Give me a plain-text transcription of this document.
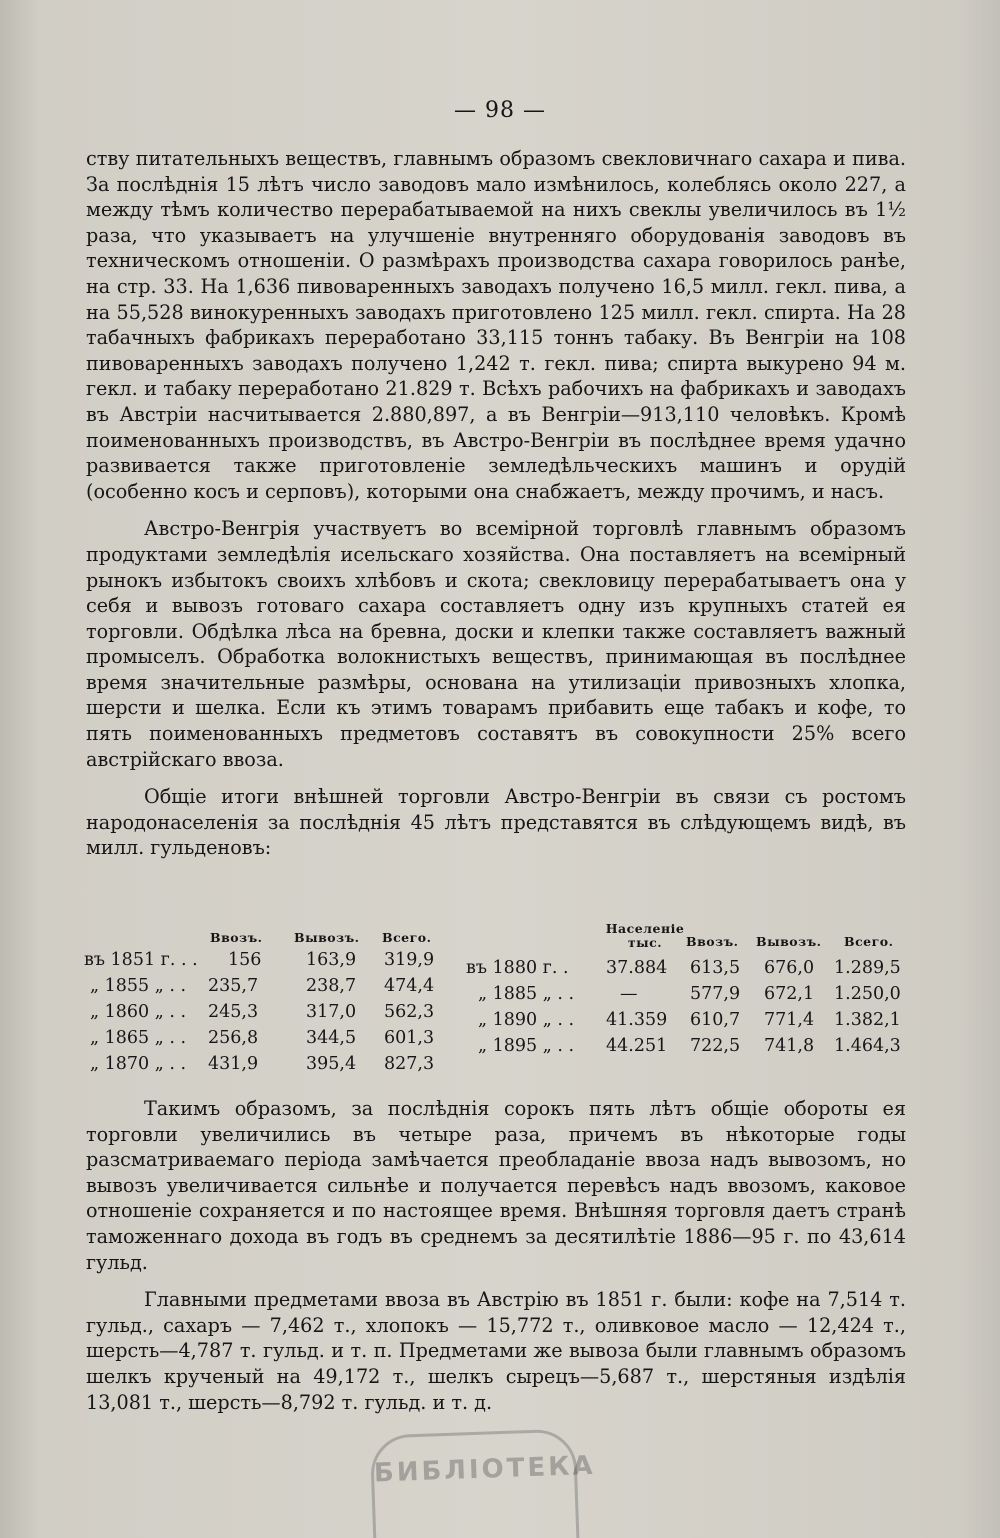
— 98 —

ству питательныхъ веществъ, главнымъ образомъ свекловичнаго сахара и пива. За послѣднія 15 лѣтъ число заводовъ мало измѣнилось, колеблясь около 227, а между тѣмъ количество перерабатываемой на нихъ свеклы увеличилось въ 1½ раза, что указываетъ на улучшеніе внутренняго оборудованія заводовъ въ техническомъ отношеніи. О размѣрахъ производства сахара говорилось ранѣе, на стр. 33. На 1,636 пивоваренныхъ заводахъ получено 16,5 милл. гекл. пива, а на 55,528 винокуренныхъ заводахъ приготовлено 125 милл. гекл. спирта. На 28 табачныхъ фабрикахъ переработано 33,115 тоннъ табаку. Въ Венгріи на 108 пивоваренныхъ заводахъ получено 1,242 т. гекл. пива; спирта выкурено 94 м. гекл. и табаку переработано 21.829 т. Всѣхъ рабочихъ на фабрикахъ и заводахъ въ Австріи насчитывается 2.880,897, а въ Венгріи—913,110 человѣкъ. Кромѣ поименованныхъ производствъ, въ Австро-Венгріи въ послѣднее время удачно развивается также приготовленіе земледѣльческихъ машинъ и орудій (особенно косъ и серповъ), которыми она снабжаетъ, между прочимъ, и насъ.

Австро-Венгрія участвуетъ во всемірной торговлѣ главнымъ образомъ продуктами земледѣлія исельскаго хозяйства. Она поставляетъ на всемірный рынокъ избытокъ своихъ хлѣбовъ и скота; свекловицу перерабатываетъ она у себя и вывозъ готоваго сахара составляетъ одну изъ крупныхъ статей ея торговли. Обдѣлка лѣса на бревна, доски и клепки также составляетъ важный промыселъ. Обработка волокнистыхъ веществъ, принимающая въ послѣднее время значительные размѣры, основана на утилизаціи привозныхъ хлопка, шерсти и шелка. Если къ этимъ товарамъ прибавить еще табакъ и кофе, то пять поименованныхъ предметовъ составятъ въ совокупности 25% всего австрійскаго ввоза.

Общіе итоги внѣшней торговли Австро-Венгріи въ связи съ ростомъ народонаселенія за послѣднія 45 лѣтъ представятся въ слѣдующемъ видѣ, въ милл. гульденовъ:

Ввозъ.	Вывозъ. Всего.
Населеніе тыс.	Ввозъ. Вывозъ. Всего.
въ 1851 г. . . 156	163,9 319,9
„ 1855 „ . . 235,7	238,7 474,4
„ 1860 „ . . 245,3	317,0 562,3
„ 1865 „ . . 256,8	344,5 601,3
„ 1870 „ . . 431,9	395,4 827,3
въ 1880 г. . 37.884 613,5 676,0 1.289,5
„ 1885 „ . .	—	577,9 672,1 1.250,0
„ 1890 „ . . 41.359 610,7 771,4 1.382,1
„ 1895 „ . . 44.251 722,5 741,8 1.464,3

Такимъ образомъ, за послѣднія сорокъ пять лѣтъ общіе обороты ея торговли увеличились въ четыре раза, причемъ въ нѣкоторые годы разсматриваемаго періода замѣчается преобладаніе ввоза надъ вывозомъ, но вывозъ увеличивается сильнѣе и получается перевѣсъ надъ ввозомъ, каковое отношеніе сохраняется и по настоящее время. Внѣшняя торговля даетъ странѣ таможеннаго дохода въ годъ въ среднемъ за десятилѣтіе 1886—95 г. по 43,614 гульд.

Главными предметами ввоза въ Австрію въ 1851 г. были: кофе на 7,514 т. гульд., сахаръ — 7,462 т., хлопокъ — 15,772 т., оливковое масло — 12,424 т., шерсть—4,787 т. гульд. и т. п. Предметами же вывоза были главнымъ образомъ шелкъ крученый на 49,172 т., шелкъ сырецъ—5,687 т., шерстяныя издѣлія 13,081 т., шерсть—8,792 т. гульд. и т. д.

БИБЛІОТЕКА
